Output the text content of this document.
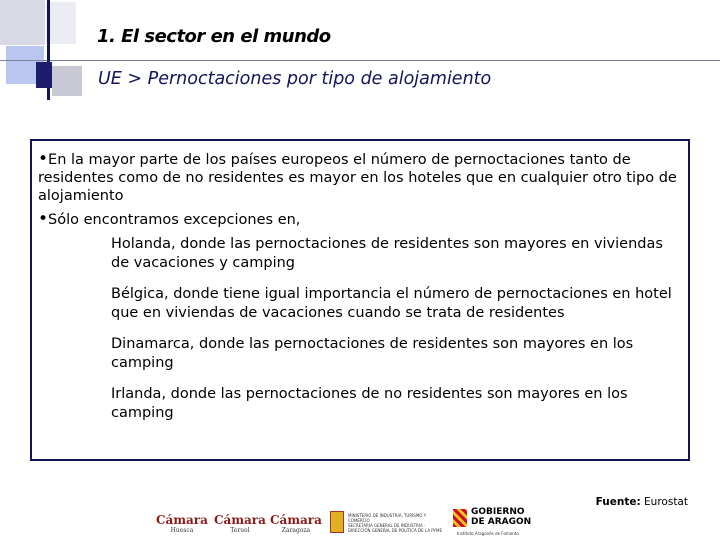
1. El sector en el mundo
UE > Pernoctaciones por tipo de alojamiento
•En la mayor parte de los países europeos el número de pernoctaciones tanto de residentes como de no residentes es mayor en los hoteles que en cualquier otro tipo de alojamiento
•Sólo encontramos excepciones en,
Holanda, donde las pernoctaciones de residentes son mayores en viviendas de vacaciones y camping
Bélgica, donde tiene igual importancia el número de pernoctaciones en hotel que en viviendas de vacaciones cuando se trata de residentes
Dinamarca, donde las pernoctaciones de residentes son mayores en los camping
Irlanda, donde las pernoctaciones de no residentes son mayores en los camping
Fuente: Eurostat
Cámara
Huesca
Cámara
Teruel
Cámara
Zaragoza
MINISTERIO DE INDUSTRIA, TURISMO Y COMERCIO
SECRETARÍA GENERAL DE INDUSTRIA · DIRECCIÓN GENERAL DE POLÍTICA DE LA PYME
GOBIERNO DE ARAGON
Instituto Aragonés de Fomento
